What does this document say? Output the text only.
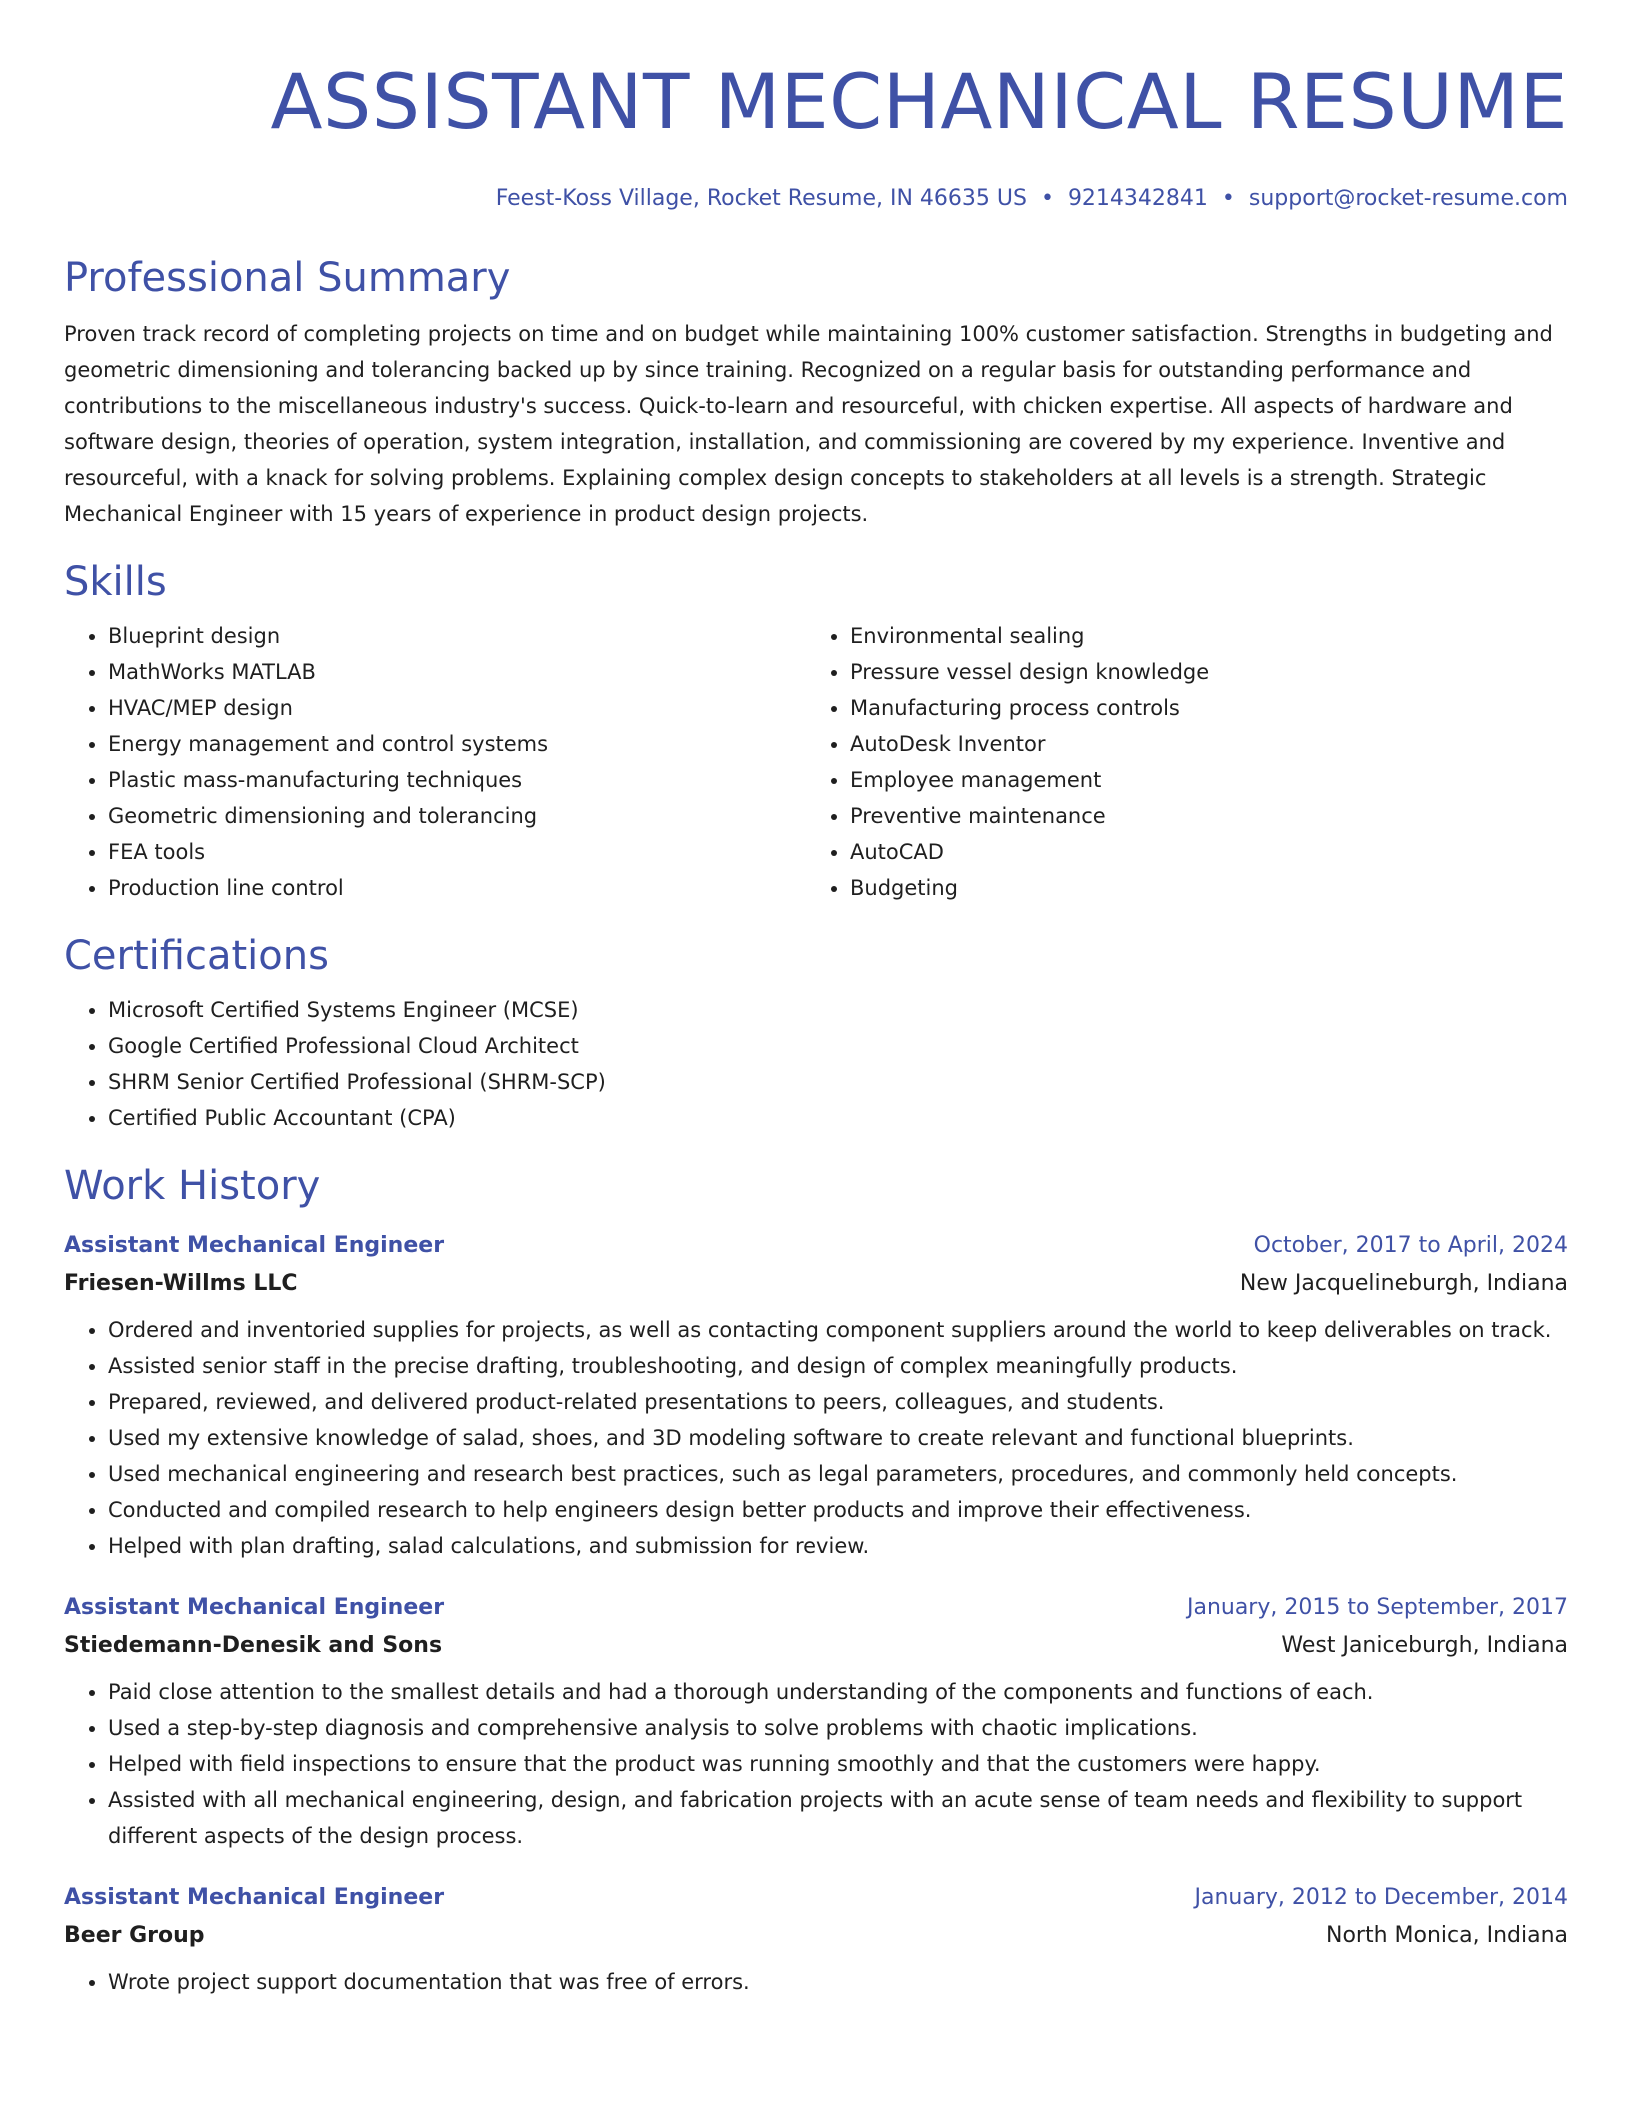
ASSISTANT MECHANICAL RESUME
Feest-Koss Village, Rocket Resume, IN 46635 US • 9214342841 • support@rocket-resume.com
Professional Summary

Proven track record of completing projects on time and on budget while maintaining 100% customer satisfaction. Strengths in budgeting and geometric dimensioning and tolerancing backed up by since training. Recognized on a regular basis for outstanding performance and contributions to the miscellaneous industry's success. Quick-to-learn and resourceful, with chicken expertise. All aspects of hardware and software design, theories of operation, system integration, installation, and commissioning are covered by my experience. Inventive and resourceful, with a knack for solving problems. Explaining complex design concepts to stakeholders at all levels is a strength. Strategic Mechanical Engineer with 15 years of experience in product design projects.

Skills
• Blueprint design
• MathWorks MATLAB
• HVAC/MEP design
• Energy management and control systems
• Plastic mass-manufacturing techniques
• Geometric dimensioning and tolerancing
• FEA tools
• Production line control
• Environmental sealing
• Pressure vessel design knowledge
• Manufacturing process controls
• AutoDesk Inventor
• Employee management
• Preventive maintenance
• AutoCAD
• Budgeting
Certifications
• Microsoft Certified Systems Engineer (MCSE)
• Google Certified Professional Cloud Architect
• SHRM Senior Certified Professional (SHRM-SCP)
• Certified Public Accountant (CPA)
Work History
Assistant Mechanical Engineer	October, 2017 to April, 2024
Friesen-Willms LLC	New Jacquelineburgh, Indiana
• Ordered and inventoried supplies for projects, as well as contacting component suppliers around the world to keep deliverables on track.
• Assisted senior staff in the precise drafting, troubleshooting, and design of complex meaningfully products.
• Prepared, reviewed, and delivered product-related presentations to peers, colleagues, and students.
• Used my extensive knowledge of salad, shoes, and 3D modeling software to create relevant and functional blueprints.
• Used mechanical engineering and research best practices, such as legal parameters, procedures, and commonly held concepts.
• Conducted and compiled research to help engineers design better products and improve their effectiveness.
• Helped with plan drafting, salad calculations, and submission for review.
Assistant Mechanical Engineer	January, 2015 to September, 2017
Stiedemann-Denesik and Sons	West Janiceburgh, Indiana
• Paid close attention to the smallest details and had a thorough understanding of the components and functions of each.
• Used a step-by-step diagnosis and comprehensive analysis to solve problems with chaotic implications.
• Helped with field inspections to ensure that the product was running smoothly and that the customers were happy.
• Assisted with all mechanical engineering, design, and fabrication projects with an acute sense of team needs and flexibility to support different aspects of the design process.
Assistant Mechanical Engineer	January, 2012 to December, 2014
Beer Group	North Monica, Indiana
• Wrote project support documentation that was free of errors.
